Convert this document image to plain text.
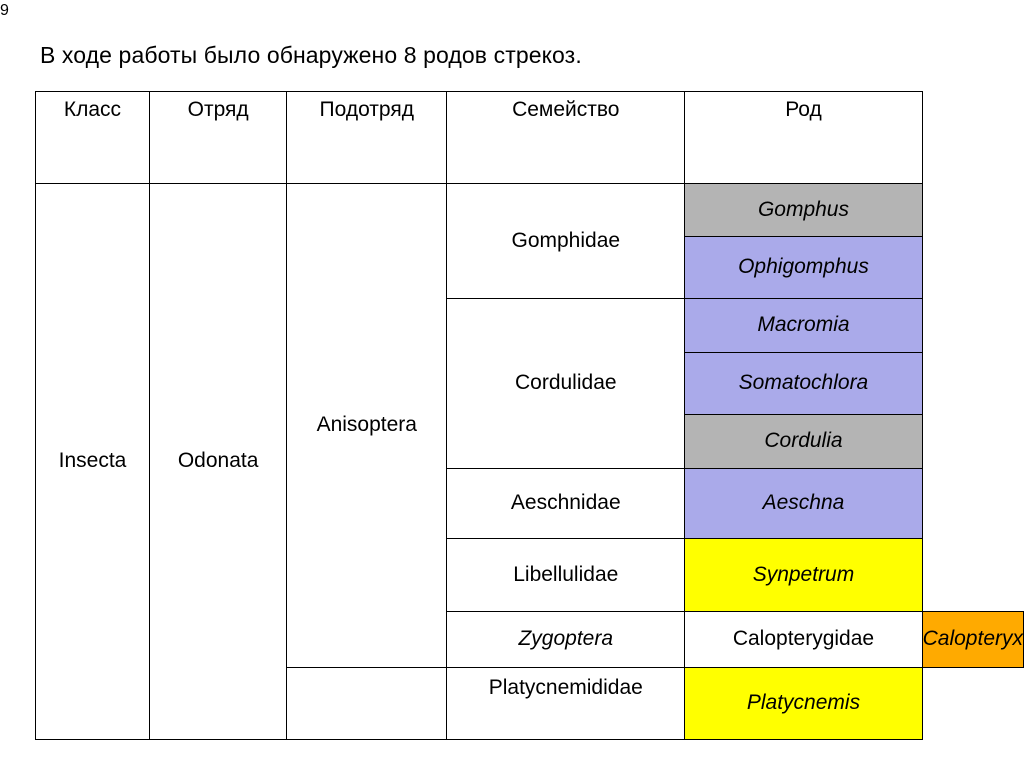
9
В ходе работы было обнаружено 8 родов стрекоз.
Класс	Отряд	Подотряд	Семейство	Род	
Insecta	Odonata	Anisoptera	Gomphidae	Gomphus	
				Ophigomphus	
			Cordulidae	Macromia	
				Somatochlora	
				Cordulia	
			Aeschnidae	Aeschna	
			Libellulidae	Synpetrum	
			Zygoptera	Calopterygidae	Calopteryx
			Platycnemididae	Platycnemis	
